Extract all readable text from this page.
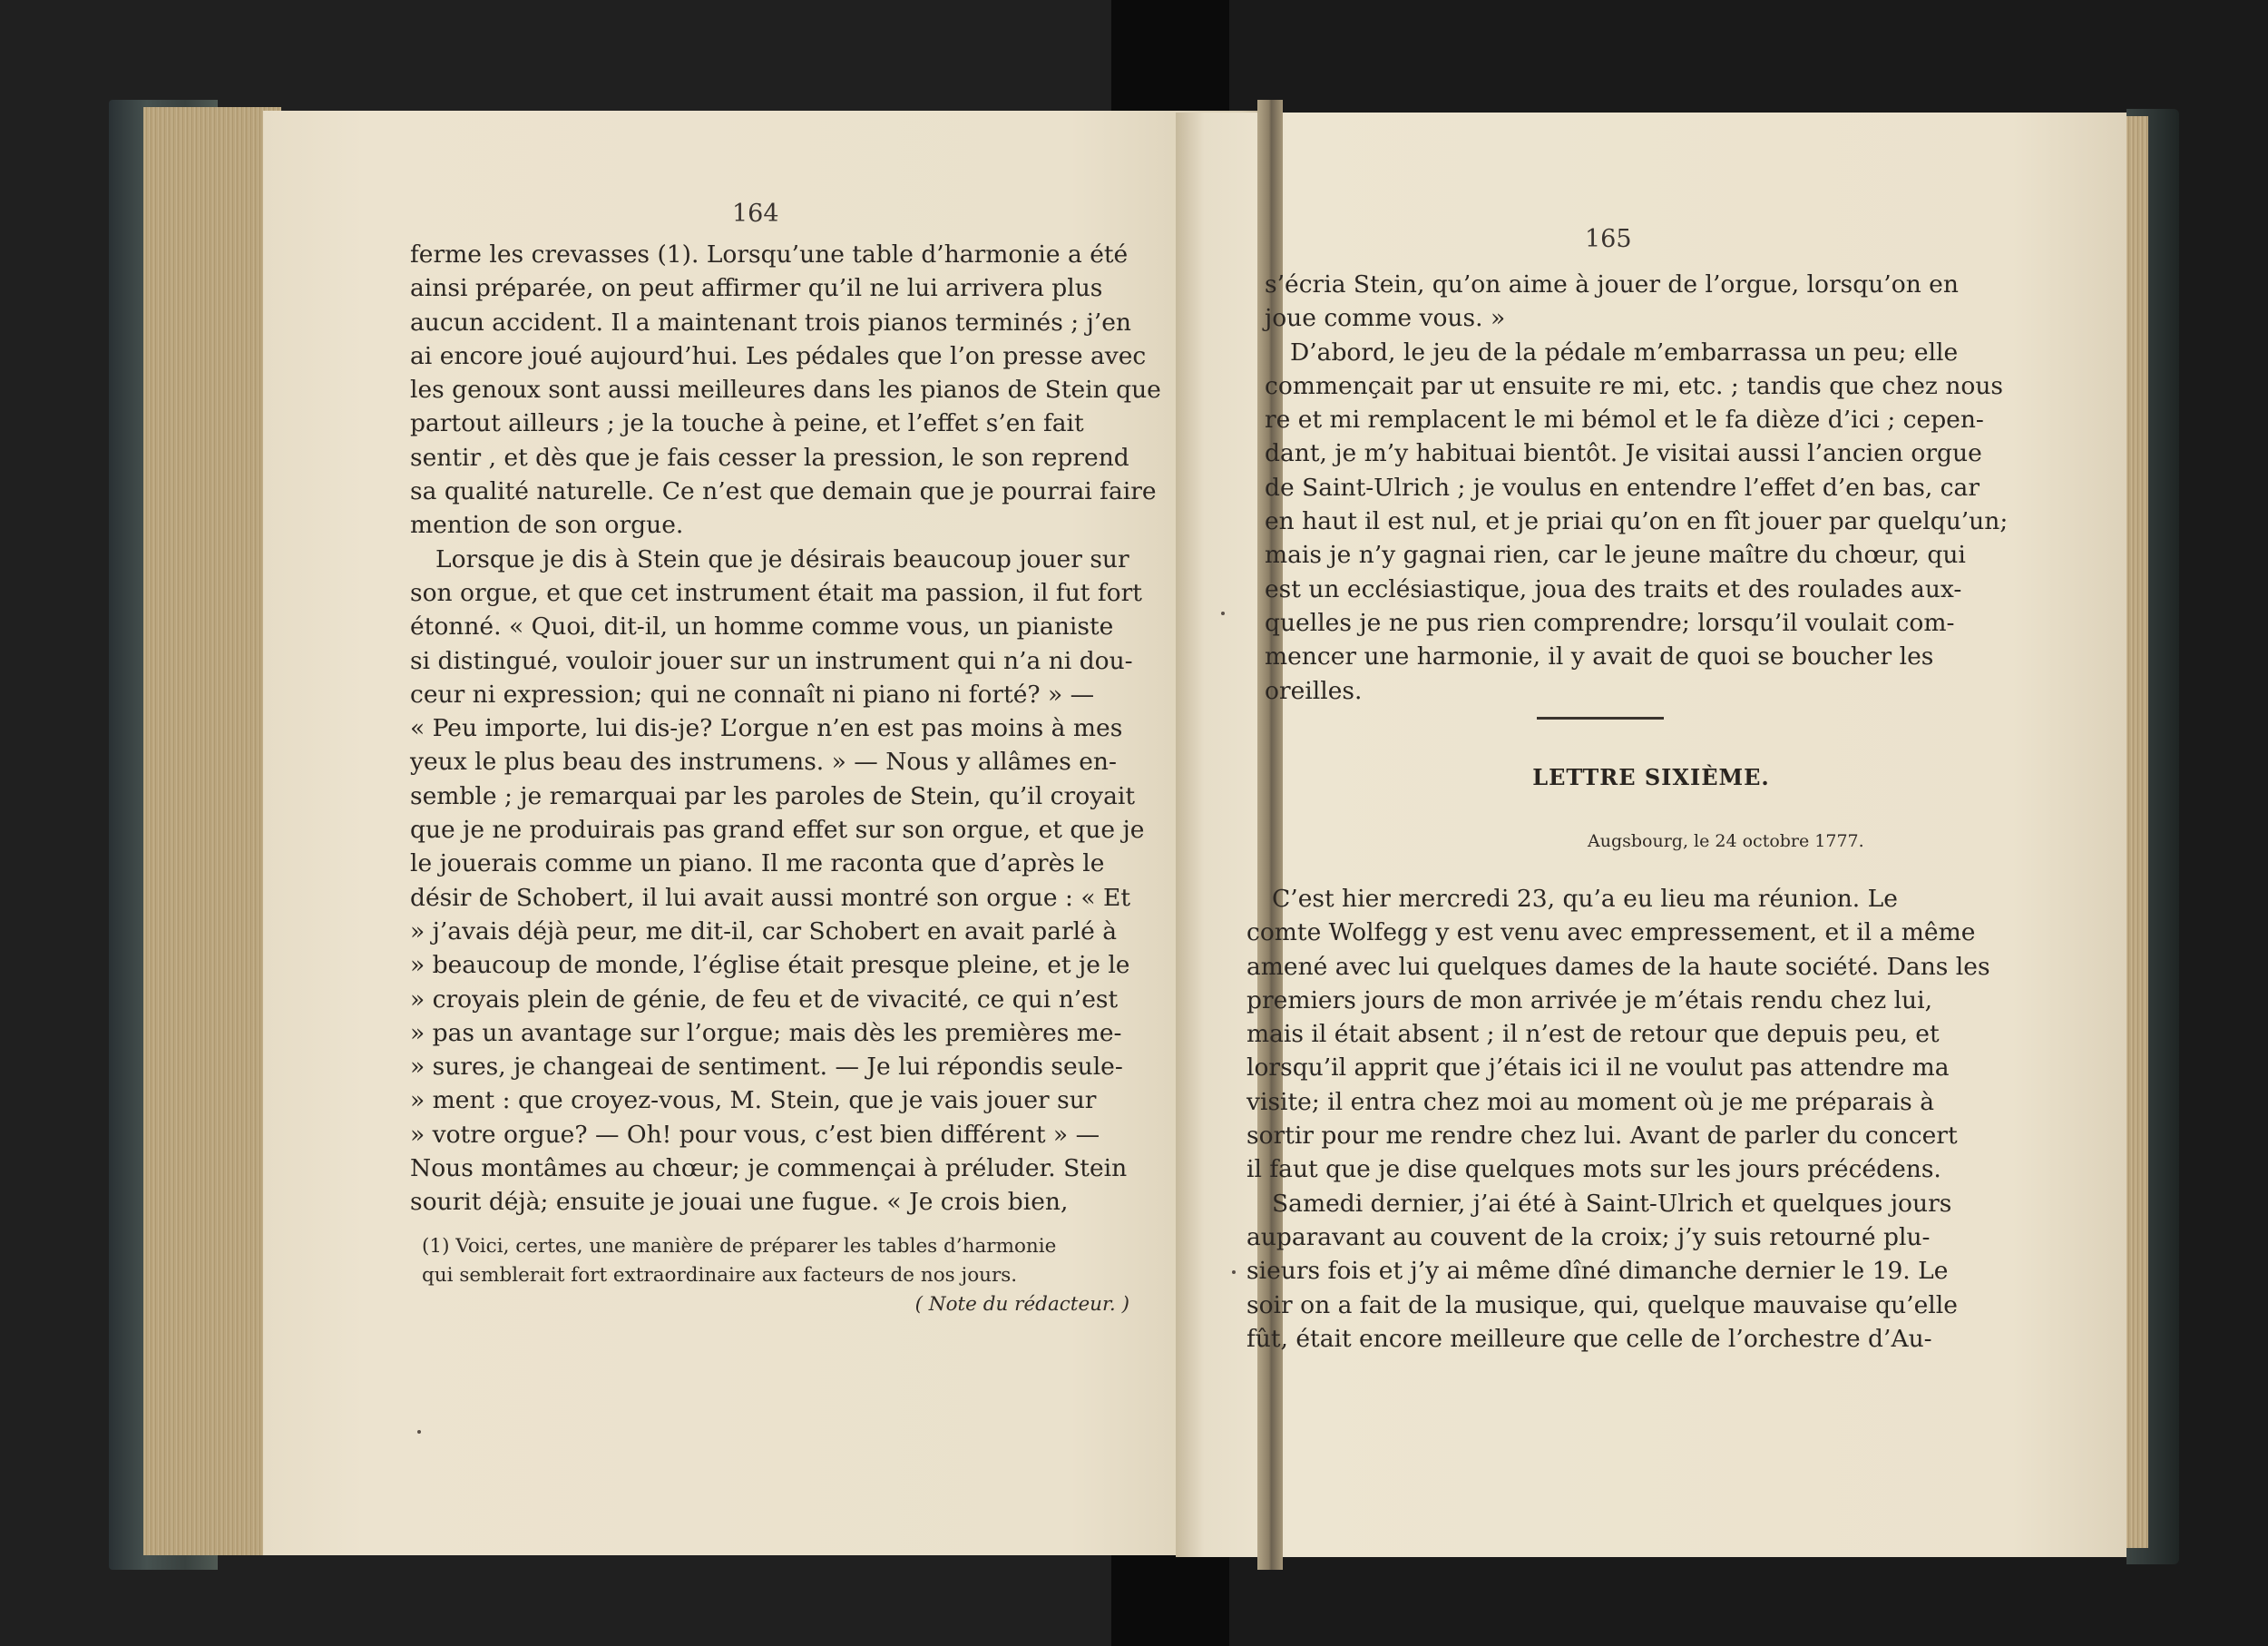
164

ferme les crevasses (1). Lorsqu’une table d’harmonie a été

ainsi préparée, on peut affirmer qu’il ne lui arrivera plus

aucun accident. Il a maintenant trois pianos terminés ; j’en

ai encore joué aujourd’hui. Les pédales que l’on presse avec

les genoux sont aussi meilleures dans les pianos de Stein que

partout ailleurs ; je la touche à peine, et l’effet s’en fait

sentir , et dès que je fais cesser la pression, le son reprend

sa qualité naturelle. Ce n’est que demain que je pourrai faire

mention de son orgue.

Lorsque je dis à Stein que je désirais beaucoup jouer sur

son orgue, et que cet instrument était ma passion, il fut fort

étonné. « Quoi, dit-il, un homme comme vous, un pianiste

si distingué, vouloir jouer sur un instrument qui n’a ni dou-

ceur ni expression; qui ne connaît ni piano ni forté? » —

« Peu importe, lui dis-je? L’orgue n’en est pas moins à mes

yeux le plus beau des instrumens. » — Nous y allâmes en-

semble ; je remarquai par les paroles de Stein, qu’il croyait

que je ne produirais pas grand effet sur son orgue, et que je

le jouerais comme un piano. Il me raconta que d’après le

désir de Schobert, il lui avait aussi montré son orgue : « Et

» j’avais déjà peur, me dit-il, car Schobert en avait parlé à

» beaucoup de monde, l’église était presque pleine, et je le

» croyais plein de génie, de feu et de vivacité, ce qui n’est

» pas un avantage sur l’orgue; mais dès les premières me-

» sures, je changeai de sentiment. — Je lui répondis seule-

» ment : que croyez-vous, M. Stein, que je vais jouer sur

» votre orgue? — Oh! pour vous, c’est bien différent » —

Nous montâmes au chœur; je commençai à préluder. Stein

sourit déjà; ensuite je jouai une fugue. « Je crois bien,

(1) Voici, certes, une manière de préparer les tables d’harmonie

qui semblerait fort extraordinaire aux facteurs de nos jours.

( Note du rédacteur. )

165

s’écria Stein, qu’on aime à jouer de l’orgue, lorsqu’on en

joue comme vous. »

D’abord, le jeu de la pédale m’embarrassa un peu; elle

commençait par ut ensuite re mi, etc. ; tandis que chez nous

re et mi remplacent le mi bémol et le fa dièze d’ici ; cepen-

dant, je m’y habituai bientôt. Je visitai aussi l’ancien orgue

de Saint-Ulrich ; je voulus en entendre l’effet d’en bas, car

en haut il est nul, et je priai qu’on en fît jouer par quelqu’un;

mais je n’y gagnai rien, car le jeune maître du chœur, qui

est un ecclésiastique, joua des traits et des roulades aux-

quelles je ne pus rien comprendre; lorsqu’il voulait com-

mencer une harmonie, il y avait de quoi se boucher les

oreilles.

LETTRE SIXIÈME.
Augsbourg, le 24 octobre 1777.

C’est hier mercredi 23, qu’a eu lieu ma réunion. Le

comte Wolfegg y est venu avec empressement, et il a même

amené avec lui quelques dames de la haute société. Dans les

premiers jours de mon arrivée je m’étais rendu chez lui,

mais il était absent ; il n’est de retour que depuis peu, et

lorsqu’il apprit que j’étais ici il ne voulut pas attendre ma

visite; il entra chez moi au moment où je me préparais à

sortir pour me rendre chez lui. Avant de parler du concert

il faut que je dise quelques mots sur les jours précédens.

Samedi dernier, j’ai été à Saint-Ulrich et quelques jours

auparavant au couvent de la croix; j’y suis retourné plu-

sieurs fois et j’y ai même dîné dimanche dernier le 19. Le

soir on a fait de la musique, qui, quelque mauvaise qu’elle

fût, était encore meilleure que celle de l’orchestre d’Au-
